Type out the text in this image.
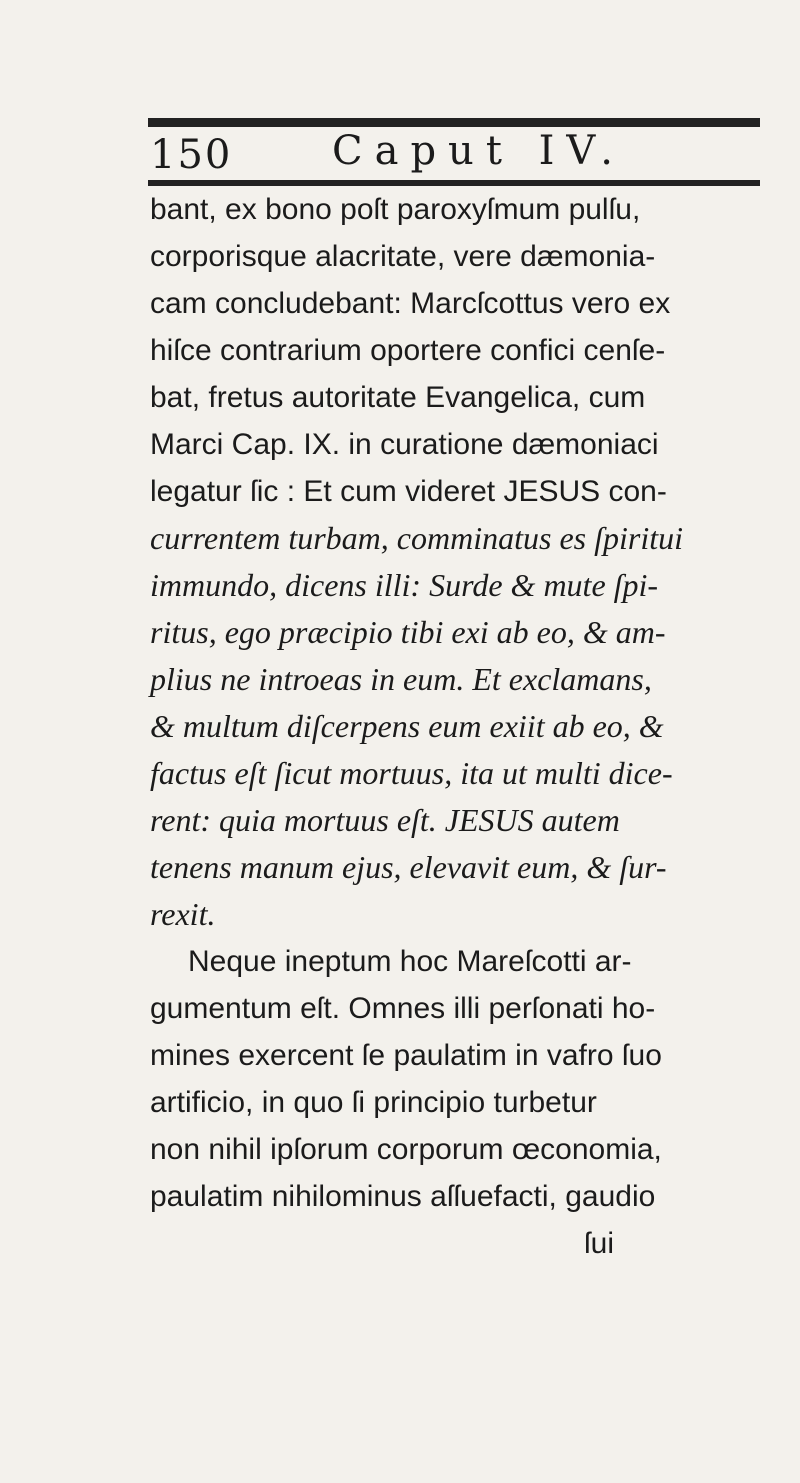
150 Caput IV.
bant, ex bono poſt paroxyſmum pulſu,
corporisque alacritate, vere dæmonia-
cam concludebant: Marcſcottus vero ex
hiſce contrarium oportere confici cenſe-
bat, fretus autoritate Evangelica, cum
Marci Cap. IX. in curatione dæmoniaci
legatur ſic : Et cum videret JESUS con-
currentem turbam, comminatus es ſpiritui
immundo, dicens illi: Surde & mute ſpi-
ritus, ego præcipio tibi exi ab eo, & am-
plius ne introeas in eum. Et exclamans,
& multum diſcerpens eum exiit ab eo, &
factus eſt ſicut mortuus, ita ut multi dice-
rent: quia mortuus eſt. JESUS autem
tenens manum ejus, elevavit eum, & ſur-
rexit.
Neque ineptum hoc Mareſcotti ar-
gumentum eſt. Omnes illi perſonati ho-
mines exercent ſe paulatim in vafro ſuo
artificio, in quo ſi principio turbetur
non nihil ipſorum corporum œconomia,
paulatim nihilominus aſſuefacti, gaudio
ſui
